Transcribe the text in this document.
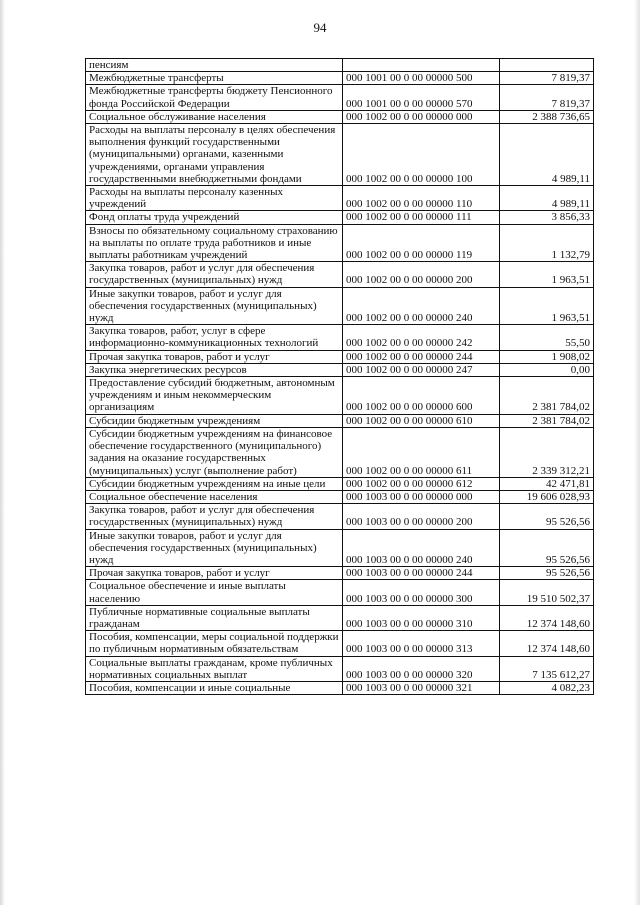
94
пенсиям		
Межбюджетные трансферты	000 1001 00 0 00 00000 500	7 819,37
Межбюджетные трансферты бюджету Пенсионного фонда Российской Федерации	000 1001 00 0 00 00000 570	7 819,37
Социальное обслуживание населения	000 1002 00 0 00 00000 000	2 388 736,65
Расходы на выплаты персоналу в целях обеспечения выполнения функций государственными (муниципальными) органами, казенными учреждениями, органами управления государственными внебюджетными фондами	000 1002 00 0 00 00000 100	4 989,11
Расходы на выплаты персоналу казенных учреждений	000 1002 00 0 00 00000 110	4 989,11
Фонд оплаты труда учреждений	000 1002 00 0 00 00000 111	3 856,33
Взносы по обязательному социальному страхованию на выплаты по оплате труда работников и иные выплаты работникам учреждений	000 1002 00 0 00 00000 119	1 132,79
Закупка товаров, работ и услуг для обеспечения государственных (муниципальных) нужд	000 1002 00 0 00 00000 200	1 963,51
Иные закупки товаров, работ и услуг для обеспечения государственных (муниципальных) нужд	000 1002 00 0 00 00000 240	1 963,51
Закупка товаров, работ, услуг в сфере информационно-коммуникационных технологий	000 1002 00 0 00 00000 242	55,50
Прочая закупка товаров, работ и услуг	000 1002 00 0 00 00000 244	1 908,02
Закупка энергетических ресурсов	000 1002 00 0 00 00000 247	0,00
Предоставление субсидий бюджетным, автономным учреждениям и иным некоммерческим организациям	000 1002 00 0 00 00000 600	2 381 784,02
Субсидии бюджетным учреждениям	000 1002 00 0 00 00000 610	2 381 784,02
Субсидии бюджетным учреждениям на финансовое обеспечение государственного (муниципального) задания на оказание государственных (муниципальных) услуг (выполнение работ)	000 1002 00 0 00 00000 611	2 339 312,21
Субсидии бюджетным учреждениям на иные цели	000 1002 00 0 00 00000 612	42 471,81
Социальное обеспечение населения	000 1003 00 0 00 00000 000	19 606 028,93
Закупка товаров, работ и услуг для обеспечения государственных (муниципальных) нужд	000 1003 00 0 00 00000 200	95 526,56
Иные закупки товаров, работ и услуг для обеспечения государственных (муниципальных) нужд	000 1003 00 0 00 00000 240	95 526,56
Прочая закупка товаров, работ и услуг	000 1003 00 0 00 00000 244	95 526,56
Социальное обеспечение и иные выплаты населению	000 1003 00 0 00 00000 300	19 510 502,37
Публичные нормативные социальные выплаты гражданам	000 1003 00 0 00 00000 310	12 374 148,60
Пособия, компенсации, меры социальной поддержки по публичным нормативным обязательствам	000 1003 00 0 00 00000 313	12 374 148,60
Социальные выплаты гражданам, кроме публичных нормативных социальных выплат	000 1003 00 0 00 00000 320	7 135 612,27
Пособия, компенсации и иные социальные	000 1003 00 0 00 00000 321	4 082,23
